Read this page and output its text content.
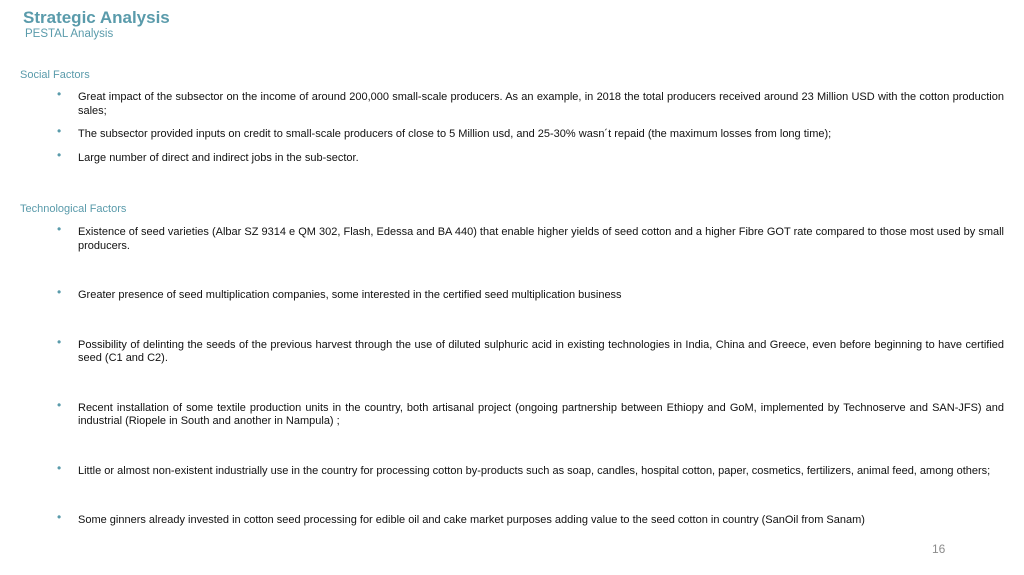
Strategic Analysis
PESTAL Analysis
Social Factors
• Great impact of the subsector on the income of around 200,000 small-scale producers. As an example, in 2018 the total producers received around 23 Million USD with the cotton production sales;
• The subsector provided inputs on credit to small-scale producers of close to 5 Million usd, and 25-30% wasn´t repaid (the maximum losses from long time);
• Large number of direct and indirect jobs in the sub-sector.
Technological Factors
• Existence of seed varieties (Albar SZ 9314 e QM 302, Flash, Edessa and BA 440) that enable higher yields of seed cotton and a higher Fibre GOT rate compared to those most used by small producers.
• Greater presence of seed multiplication companies, some interested in the certified seed multiplication business
• Possibility of delinting the seeds of the previous harvest through the use of diluted sulphuric acid in existing technologies in India, China and Greece, even before beginning to have certified seed (C1 and C2).
• Recent installation of some textile production units in the country, both artisanal project (ongoing partnership between Ethiopy and GoM, implemented by Technoserve and SAN-JFS) and industrial (Riopele in South and another in Nampula) ;
• Little or almost non-existent industrially use in the country for processing cotton by-products such as soap, candles, hospital cotton, paper, cosmetics, fertilizers, animal feed, among others;
• Some ginners already invested in cotton seed processing for edible oil and cake market purposes adding value to the seed cotton in country (SanOil from Sanam)
16
